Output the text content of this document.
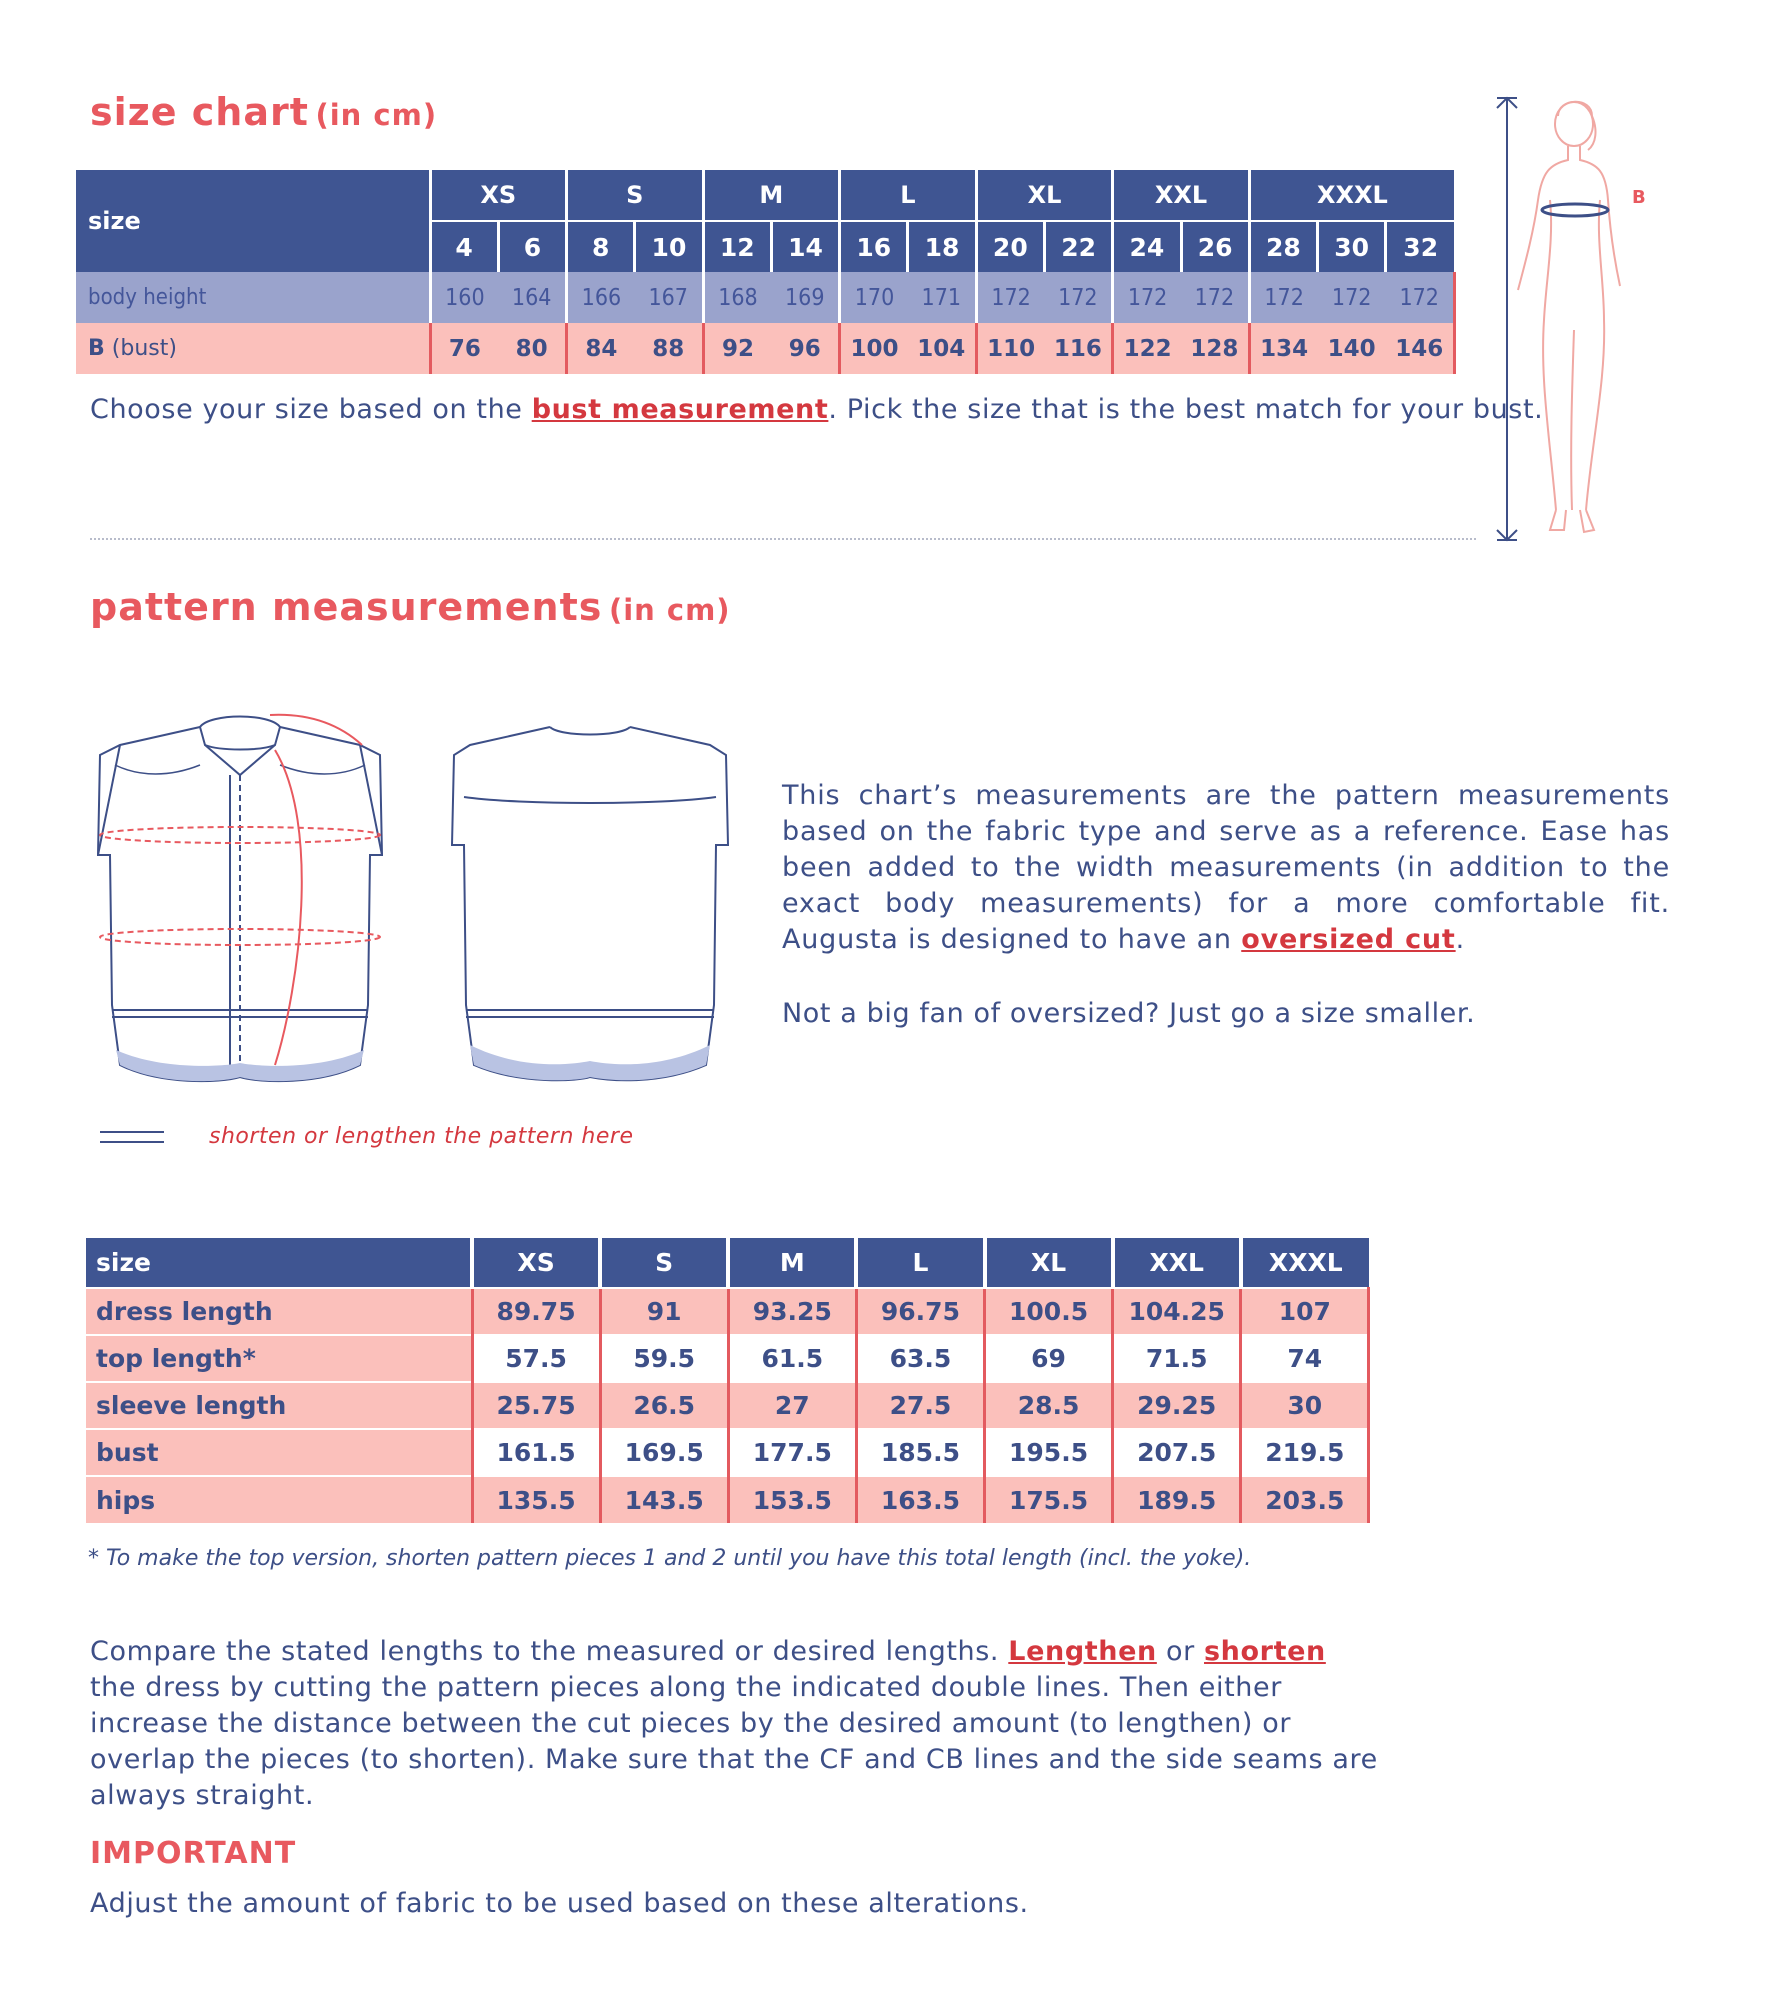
size chart (in cm)
size	XS		S		M		L		XL		XXL		XXXL		
	4	6	8	10	12	14	16	18	20	22	24	26	28	30	32
body height	160	164	166	167	168	169	170	171	172	172	172	172	172	172	172
B (bust)	76	80	84	88	92	96	100	104	110	116	122	128	134	140	146
Choose your size based on the bust measurement. Pick the size that is the best match for your bust.
B
pattern measurements (in cm)
shorten or lengthen the pattern here
This chart’s measurements are the pattern measurements based on the fabric type and serve as a reference. Ease has been added to the width measurements (in addition to the exact body measurements) for a more comfortable fit. Augusta is designed to have an oversized cut.
Not a big fan of oversized? Just go a size smaller.
size	XS	S	M	L	XL	XXL	XXXL
dress length	89.75	91	93.25	96.75	100.5	104.25	107
top length*	57.5	59.5	61.5	63.5	69	71.5	74
sleeve length	25.75	26.5	27	27.5	28.5	29.25	30
bust	161.5	169.5	177.5	185.5	195.5	207.5	219.5
hips	135.5	143.5	153.5	163.5	175.5	189.5	203.5
* To make the top version, shorten pattern pieces 1 and 2 until you have this total length (incl. the yoke).
Compare the stated lengths to the measured or desired lengths. Lengthen or shorten the dress by cutting the pattern pieces along the indicated double lines. Then either increase the distance between the cut pieces by the desired amount (to lengthen) or overlap the pieces (to shorten). Make sure that the CF and CB lines and the side seams are always straight.
IMPORTANT
Adjust the amount of fabric to be used based on these alterations.
